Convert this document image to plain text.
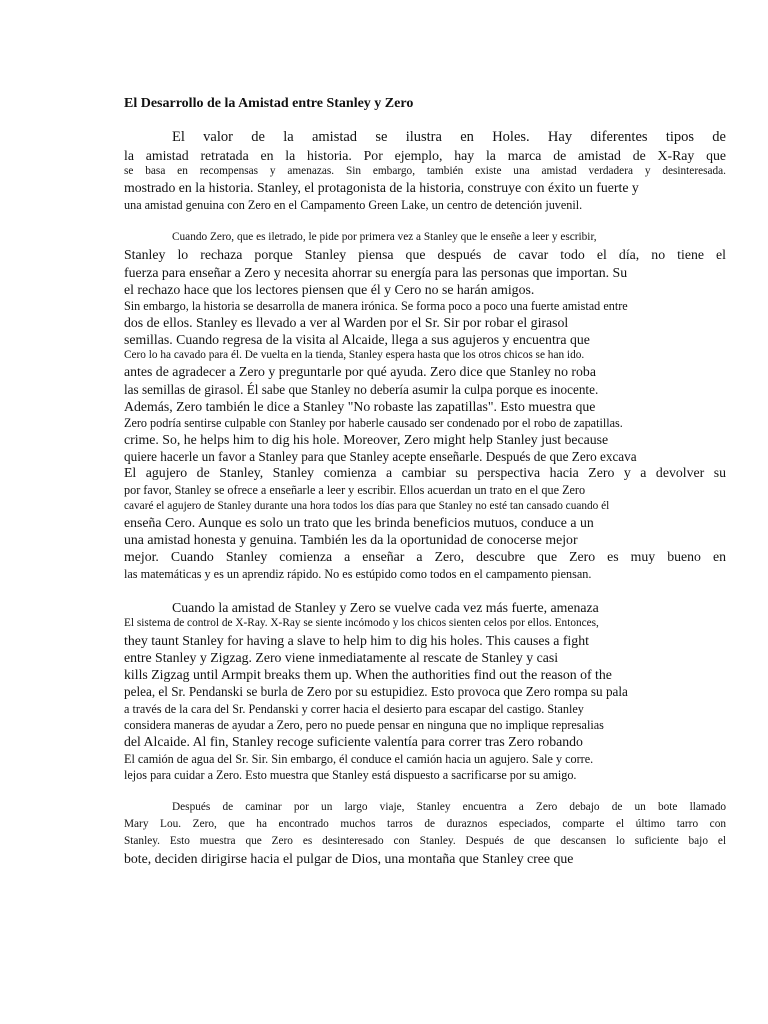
El Desarrollo de la Amistad entre Stanley y Zero
El valor de la amistad se ilustra en Holes. Hay diferentes tipos de
la amistad retratada en la historia. Por ejemplo, hay la marca de amistad de X-Ray que
se basa en recompensas y amenazas. Sin embargo, también existe una amistad verdadera y desinteresada.
mostrado en la historia. Stanley, el protagonista de la historia, construye con éxito un fuerte y
una amistad genuina con Zero en el Campamento Green Lake, un centro de detención juvenil.
Cuando Zero, que es iletrado, le pide por primera vez a Stanley que le enseñe a leer y escribir,
Stanley lo rechaza porque Stanley piensa que después de cavar todo el día, no tiene el
fuerza para enseñar a Zero y necesita ahorrar su energía para las personas que importan. Su
el rechazo hace que los lectores piensen que él y Cero no se harán amigos.
Sin embargo, la historia se desarrolla de manera irónica. Se forma poco a poco una fuerte amistad entre
dos de ellos. Stanley es llevado a ver al Warden por el Sr. Sir por robar el girasol
semillas. Cuando regresa de la visita al Alcaide, llega a sus agujeros y encuentra que
Cero lo ha cavado para él. De vuelta en la tienda, Stanley espera hasta que los otros chicos se han ido.
antes de agradecer a Zero y preguntarle por qué ayuda. Zero dice que Stanley no roba
las semillas de girasol. Él sabe que Stanley no debería asumir la culpa porque es inocente.
Además, Zero también le dice a Stanley "No robaste las zapatillas". Esto muestra que
Zero podría sentirse culpable con Stanley por haberle causado ser condenado por el robo de zapatillas.
crime. So, he helps him to dig his hole. Moreover, Zero might help Stanley just because
quiere hacerle un favor a Stanley para que Stanley acepte enseñarle. Después de que Zero excava
El agujero de Stanley, Stanley comienza a cambiar su perspectiva hacia Zero y a devolver su
por favor, Stanley se ofrece a enseñarle a leer y escribir. Ellos acuerdan un trato en el que Zero
cavaré el agujero de Stanley durante una hora todos los días para que Stanley no esté tan cansado cuando él
enseña Cero. Aunque es solo un trato que les brinda beneficios mutuos, conduce a un
una amistad honesta y genuina. También les da la oportunidad de conocerse mejor
mejor. Cuando Stanley comienza a enseñar a Zero, descubre que Zero es muy bueno en
las matemáticas y es un aprendiz rápido. No es estúpido como todos en el campamento piensan.
Cuando la amistad de Stanley y Zero se vuelve cada vez más fuerte, amenaza
El sistema de control de X-Ray. X-Ray se siente incómodo y los chicos sienten celos por ellos. Entonces,
they taunt Stanley for having a slave to help him to dig his holes. This causes a fight
entre Stanley y Zigzag. Zero viene inmediatamente al rescate de Stanley y casi
kills Zigzag until Armpit breaks them up. When the authorities find out the reason of the
pelea, el Sr. Pendanski se burla de Zero por su estupidiez. Esto provoca que Zero rompa su pala
a través de la cara del Sr. Pendanski y correr hacia el desierto para escapar del castigo. Stanley
considera maneras de ayudar a Zero, pero no puede pensar en ninguna que no implique represalias
del Alcaide. Al fin, Stanley recoge suficiente valentía para correr tras Zero robando
El camión de agua del Sr. Sir. Sin embargo, él conduce el camión hacia un agujero. Sale y corre.
lejos para cuidar a Zero. Esto muestra que Stanley está dispuesto a sacrificarse por su amigo.
Después de caminar por un largo viaje, Stanley encuentra a Zero debajo de un bote llamado
Mary Lou. Zero, que ha encontrado muchos tarros de duraznos especiados, comparte el último tarro con
Stanley. Esto muestra que Zero es desinteresado con Stanley. Después de que descansen lo suficiente bajo el
bote, deciden dirigirse hacia el pulgar de Dios, una montaña que Stanley cree que
